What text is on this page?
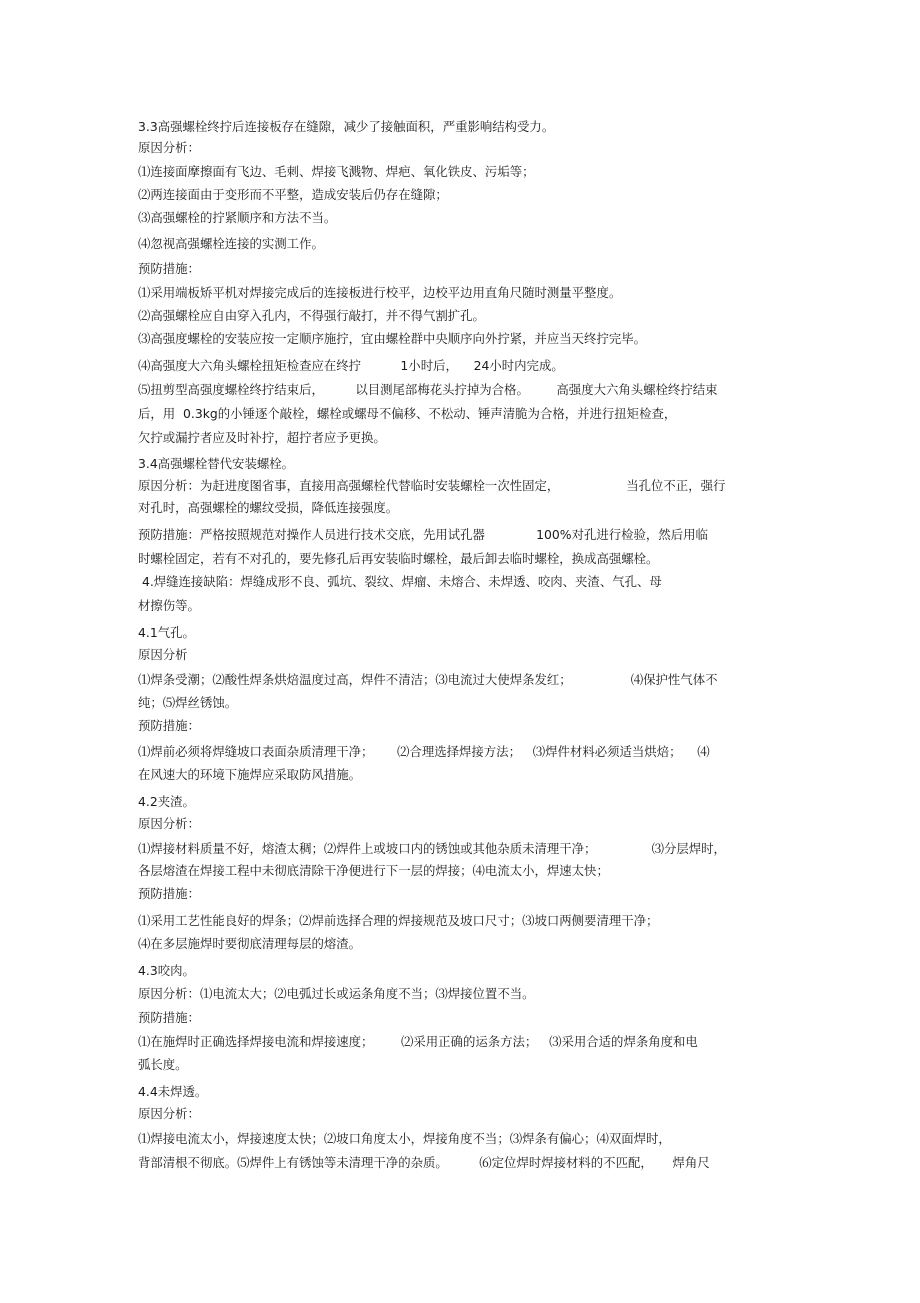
3.3高强螺栓终拧后连接板存在缝隙，减少了接触面积，严重影响结构受力。

原因分析：

⑴连接面摩擦面有飞边、毛刺、焊接飞溅物、焊疤、氧化铁皮、污垢等；

⑵两连接面由于变形而不平整，造成安装后仍存在缝隙；

⑶高强螺栓的拧紧顺序和方法不当。

⑷忽视高强螺栓连接的实测工作。

预防措施：

⑴采用端板矫平机对焊接完成后的连接板进行校平，边校平边用直角尺随时测量平整度。

⑵高强螺栓应自由穿入孔内，不得强行敲打，并不得气割扩孔。

⑶高强度螺栓的安装应按一定顺序施拧，宜由螺栓群中央顺序向外拧紧，并应当天终拧完毕。

⑷高强度大六角头螺栓扭矩检查应在终拧          1小时后，    24小时内完成。

⑸扭剪型高强度螺栓终拧结束后，        以目测尾部梅花头拧掉为合格。       高强度大六角头螺栓终拧结束

后，用  0.3kg的小锤逐个敲栓，螺栓或螺母不偏移、不松动、锤声清脆为合格，并进行扭矩检查，

欠拧或漏拧者应及时补拧，超拧者应予更换。

3.4高强螺栓替代安装螺栓。

原因分析：为赶进度图省事，直接用高强螺栓代替临时安装螺栓一次性固定，                 当孔位不正，强行

对孔时，高强螺栓的螺纹受损，降低连接强度。

预防措施：严格按照规范对操作人员进行技术交底，先用试孔器             100%对孔进行检验，然后用临

时螺栓固定，若有不对孔的，要先修孔后再安装临时螺栓，最后卸去临时螺栓，换成高强螺栓。

4.焊缝连接缺陷：焊缝成形不良、弧坑、裂纹、焊瘤、未熔合、未焊透、咬肉、夹渣、气孔、母

材擦伤等。

4.1气孔。

原因分析

⑴焊条受潮；⑵酸性焊条烘焙温度过高，焊件不清洁；⑶电流过大使焊条发红；               ⑷保护性气体不

纯；⑸焊丝锈蚀。

预防措施：

⑴焊前必须将焊缝坡口表面杂质清理干净；      ⑵合理选择焊接方法；   ⑶焊件材料必须适当烘焙；    ⑷

在风速大的环境下施焊应采取防风措施。

4.2夹渣。

原因分析：

⑴焊接材料质量不好，熔渣太稠；⑵焊件上或坡口内的锈蚀或其他杂质未清理干净；              ⑶分层焊时，

各层熔渣在焊接工程中未彻底清除干净便进行下一层的焊接；⑷电流太小，焊速太快；

预防措施：

⑴采用工艺性能良好的焊条；⑵焊前选择合理的焊接规范及坡口尺寸；⑶坡口两侧要清理干净；

⑷在多层施焊时要彻底清理每层的熔渣。

4.3咬肉。

原因分析：⑴电流太大；⑵电弧过长或运条角度不当；⑶焊接位置不当。

预防措施：

⑴在施焊时正确选择焊接电流和焊接速度；       ⑵采用正确的运条方法；   ⑶采用合适的焊条角度和电

弧长度。

4.4未焊透。

原因分析：

⑴焊接电流太小，焊接速度太快；⑵坡口角度太小，焊接角度不当；⑶焊条有偏心；⑷双面焊时，

背部清根不彻底。⑸焊件上有锈蚀等未清理干净的杂质。        ⑹定位焊时焊接材料的不匹配，     焊角尺
